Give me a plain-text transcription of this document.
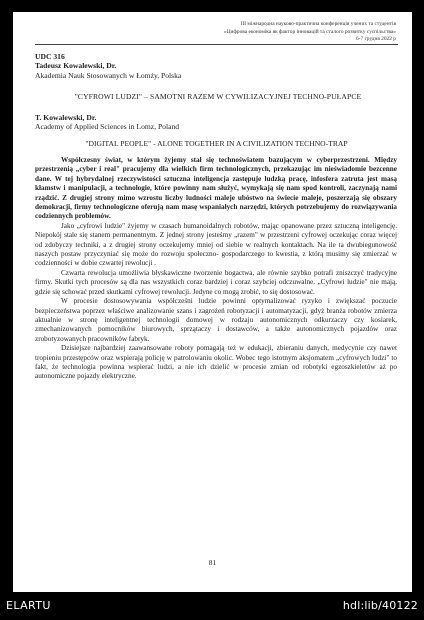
ІІІ міжнародна науково-практична конференція учених та студентів
«Цифрова економіка як фактор інновацій та сталого розвитку суспільства»
6-7 грудня 2022 р
UDC 316
Tadeusz Kowalewski, Dr.
Akademia Nauk Stosowanych w Łomży, Polska
"CYFROWI LUDZI" – SAMOTNI RAZEM W CYWILIZACYJNEJ TECHNO-PUŁAPCE
T. Kowalewski, Dr.
Academy of Applied Sciences in Lomz, Poland
"DIGITAL PEOPLE" - ALONE TOGETHER IN A CIVILIZATION TECHNO-TRAP

Współczesny świat, w którym żyjemy stał się technoświatem bazującym w cyberprzestrzeni. Między przestrzenią „cyber i real" pracujemy dla wielkich firm technologicznych, przekazując im nieświadomie bezcenne dane. W tej hybrydalnej rzeczywistości sztuczna inteligencja zastępuje ludzką pracę, infosfera zatruta jest masą kłamstw i manipulacji, a technologie, które powinny nam służyć, wymykają się nam spod kontroli, zaczynają nami rządzić. Z drugiej strony mimo wzrostu liczby ludności maleje ubóstwo na świecie maleje, poszerzają się obszary demokracji, firmy technologiczne oferują nam masę wspaniałych narzędzi, których potrzebujemy do rozwiązywania codziennych problemów.

Jako „cyfrowi ludzie" żyjemy w czasach humanoidalnych robotów, mając opanowane przez sztuczną inteligencję. Niepokój stale się stanem permanentnym. Z jednej strony jesteśmy „razem" w przestrzeni cyfrowej oczekując coraz więcej od zdobyczy techniki, a z drugiej strony oczekujemy mniej od siebie w realnych kontaktach. Na ile ta dwubiegunowość naszych postaw przyczyniać się może do rozwoju społeczno- gospodarczego to kwestia, z którą musimy się zmierzać w codzienności w dobie czwartej rewolucji .

Czwarta rewolucja umożliwia błyskawiczne tworzenie bogactwa, ale równie szybko potrafi zniszczyć tradycyjne firmy. Skutki tych procesów są dla nas wszystkich coraz bardziej i coraz szybciej odczuwalne. „Cyfrowi ludzie" nie mają, gdzie się schować przed skutkami cyfrowej rewolucji. Jedyne co mogą zrobić, to się dostosować.

W procesie dostosowywania współcześni ludzie powinni optymalizować ryzyko i zwiększać poczucie bezpieczeństwa poprzez właściwe analizowanie szans i zagrożeń robotyzacji i automatyzacji, gdyż branża robotów zmierza aktualnie w stronę inteligentnej technologii domowej w rodzaju autonomicznych odkurzaczy czy kosiarek, zmechanizowanych pomocników biurowych, sprzątaczy i dostawców, a także autonomicznych pojazdów oraz zrobotyzowanych pracowników fabryk.

Dzisiejsze najbardziej zaawansowane roboty pomagają też w edukacji, zbieraniu danych, medycynie czy nawet tropieniu przestępców oraz wspierają policję w patrolowaniu okolic. Wobec tego istotnym aksjomatem „cyfrowych ludzi" to fakt, że technologia powinna wspierać ludzi, a nie ich dzielić w procesie zmian od robotyki egzoszkieletów aż po autonomiczne pojazdy elektryczne.

81
ELARTU	hdl:lib/40122
